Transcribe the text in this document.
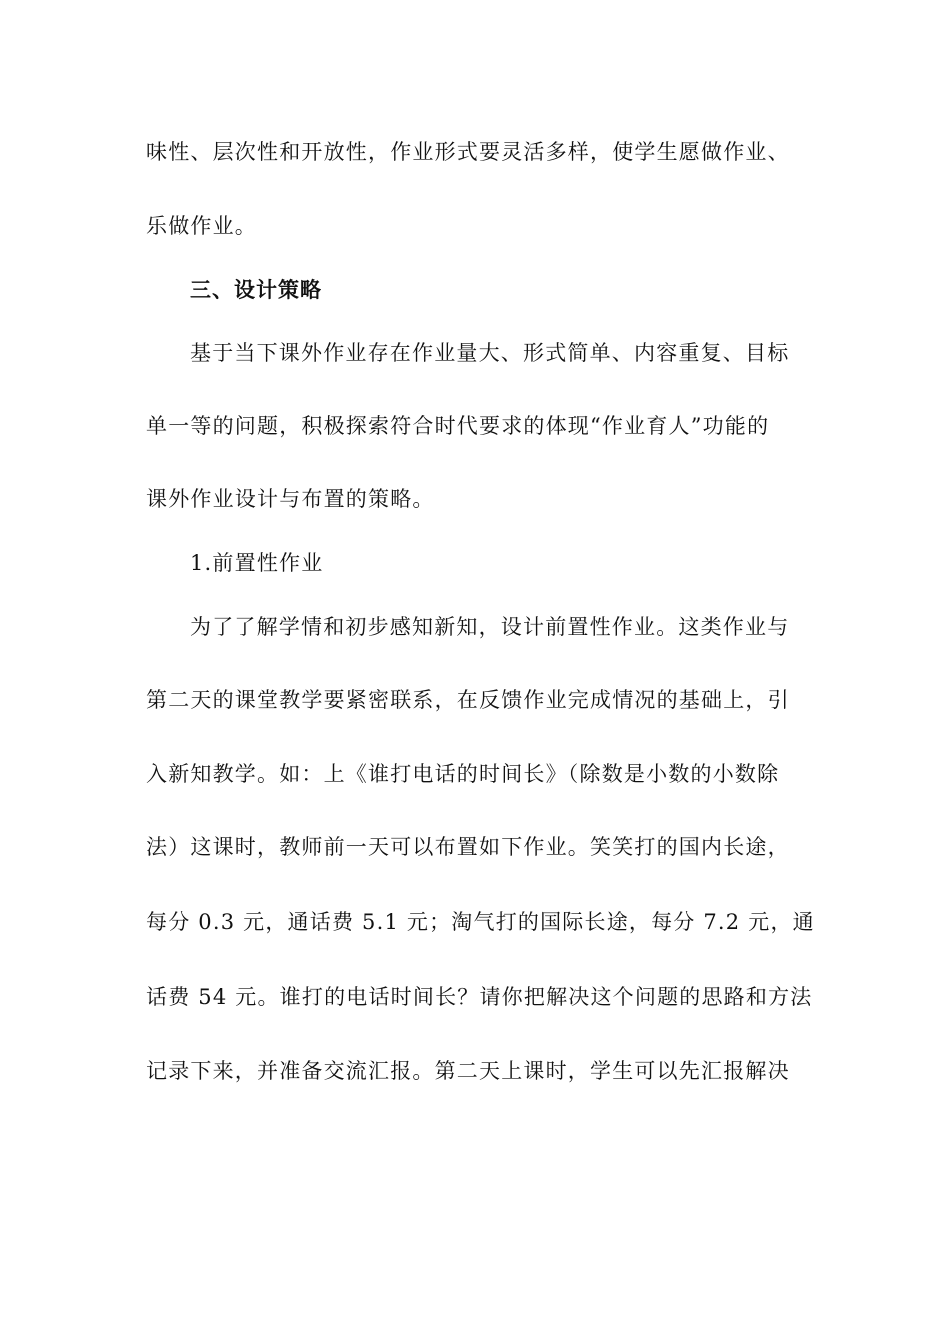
味性、层次性和开放性，作业形式要灵活多样，使学生愿做作业、

乐做作业。

三、设计策略

基于当下课外作业存在作业量大、形式简单、内容重复、目标

单一等的问题，积极探索符合时代要求的体现“作业育人”功能的

课外作业设计与布置的策略。

1.前置性作业

为了了解学情和初步感知新知，设计前置性作业。这类作业与

第二天的课堂教学要紧密联系，在反馈作业完成情况的基础上，引

入新知教学。如：上《谁打电话的时间长》（除数是小数的小数除

法）这课时，教师前一天可以布置如下作业。笑笑打的国内长途，

每分 0.3 元，通话费 5.1 元；淘气打的国际长途，每分 7.2 元，通

话费 54 元。谁打的电话时间长？请你把解决这个问题的思路和方法

记录下来，并准备交流汇报。第二天上课时，学生可以先汇报解决
